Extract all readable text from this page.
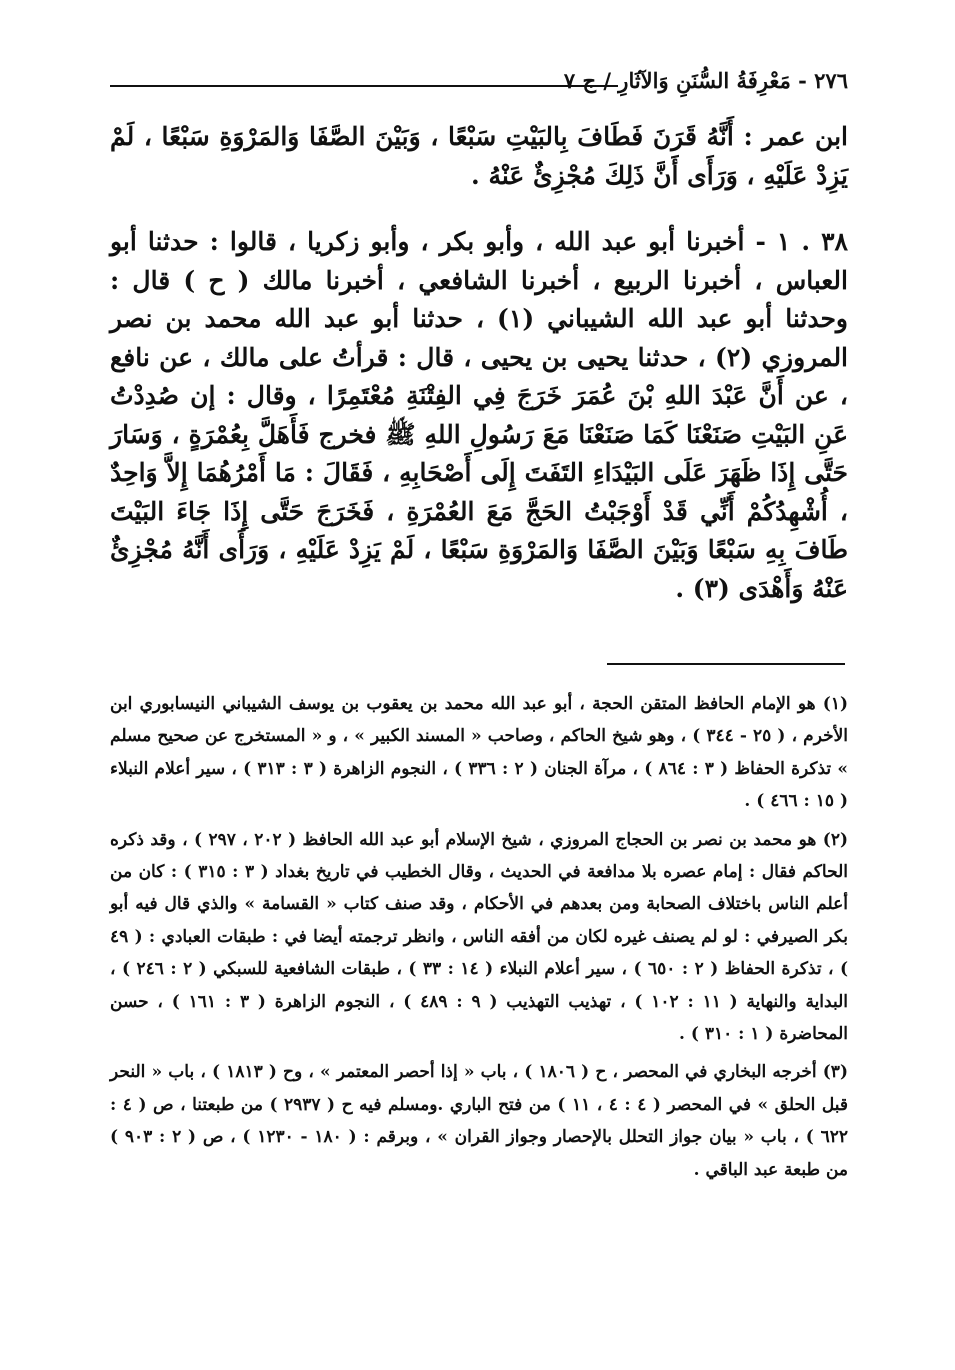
٢٧٦ - مَعْرِفَةُ السُّنَنِ وَالآثَارِ / ج ٧

ابن عمر : أَنَّهُ قَرَنَ فَطَافَ بِالبَيْتِ سَبْعًا ، وَبَيْنَ الصَّفَا وَالمَرْوَةِ سَبْعًا ، لَمْ يَزِدْ عَلَيْهِ ، وَرَأَى أَنَّ ذَلِكَ مُجْزِئٌ عَنْهُ .

٣٨ . ١ - أخبرنا أبو عبد الله ، وأبو بكر ، وأبو زكريا ، قالوا : حدثنا أبو العباس ، أخبرنا الربيع ، أخبرنا الشافعي ، أخبرنا مالك ( ح ) قال : وحدثنا أبو عبد الله الشيباني (١) ، حدثنا أبو عبد الله محمد بن نصر المروزي (٢) ، حدثنا يحيى بن يحيى ، قال : قرأتُ على مالك ، عن نافع ، عن أَنَّ عَبْدَ اللهِ بْنَ عُمَرَ خَرَجَ فِي الفِتْنَةِ مُعْتَمِرًا ، وقال : إن صُدِدْتُ عَنِ البَيْتِ صَنَعْنَا كَمَا صَنَعْنَا مَعَ رَسُولِ اللهِ ﷺ فخرج فَأَهَلَّ بِعُمْرَةٍ ، وَسَارَ حَتَّى إِذَا ظَهَرَ عَلَى البَيْدَاءِ التَفَتَ إِلَى أَصْحَابِهِ ، فَقَالَ : مَا أَمْرُهُمَا إِلاَّ وَاحِدٌ ، أُشْهِدُكُمْ أَنِّي قَدْ أَوْجَبْتُ الحَجَّ مَعَ العُمْرَةِ ، فَخَرَجَ حَتَّى إِذَا جَاءَ البَيْتَ طَافَ بِهِ سَبْعًا وَبَيْنَ الصَّفَا وَالمَرْوَةِ سَبْعًا ، لَمْ يَزِدْ عَلَيْهِ ، وَرَأَى أَنَّهُ مُجْزِئٌ عَنْهُ وَأَهْدَى (٣) .

(١) هو الإمام الحافظ المتقن الحجة ، أبو عبد الله محمد بن يعقوب بن يوسف الشيباني النيسابوري ابن الأخرم ، ( ٢٥ - ٣٤٤ ) ، وهو شيخ الحاكم ، وصاحب « المسند الكبير » ، و « المستخرج عن صحيح مسلم » تذكرة الحفاظ ( ٣ : ٨٦٤ ) ، مرآة الجنان ( ٢ : ٣٣٦ ) ، النجوم الزاهرة ( ٣ : ٣١٣ ) ، سير أعلام النبلاء ( ١٥ : ٤٦٦ ) .

(٢) هو محمد بن نصر بن الحجاج المروزي ، شيخ الإسلام أبو عبد الله الحافظ ( ٢٠٢ ، ٢٩٧ ) ، وقد ذكره الحاكم فقال : إمام عصره بلا مدافعة في الحديث ، وقال الخطيب في تاريخ بغداد ( ٣ : ٣١٥ ) : كان من أعلم الناس باختلاف الصحابة ومن بعدهم في الأحكام ، وقد صنف كتاب « القسامة » والذي قال فيه أبو بكر الصيرفي : لو لم يصنف غيره لكان من أفقه الناس ، وانظر ترجمته أيضا في : طبقات العبادي : ( ٤٩ ) ، تذكرة الحفاظ ( ٢ : ٦٥٠ ) ، سير أعلام النبلاء ( ١٤ : ٣٣ ) ، طبقات الشافعية للسبكي ( ٢ : ٢٤٦ ) ، البداية والنهاية ( ١١ : ١٠٢ ) ، تهذيب التهذيب ( ٩ : ٤٨٩ ) ، النجوم الزاهرة ( ٣ : ١٦١ ) ، حسن المحاضرة ( ١ : ٣١٠ ) .

(٣) أخرجه البخاري في المحصر ، ح ( ١٨٠٦ ) ، باب « إذا أحصر المعتمر » ، وح ( ١٨١٣ ) ، باب « النحر قبل الحلق » في المحصر ( ٤ : ٤ ، ١١ ) من فتح الباري .ومسلم فيه ح ( ٢٩٣٧ ) من طبعتنا ، ص ( ٤ : ٦٢٢ ) ، باب « بيان جواز التحلل بالإحصار وجواز القران » ، وبرقم : ( ١٨٠ - ١٢٣٠ ) ، ص ( ٢ : ٩٠٣ ) من طبعة عبد الباقي .
